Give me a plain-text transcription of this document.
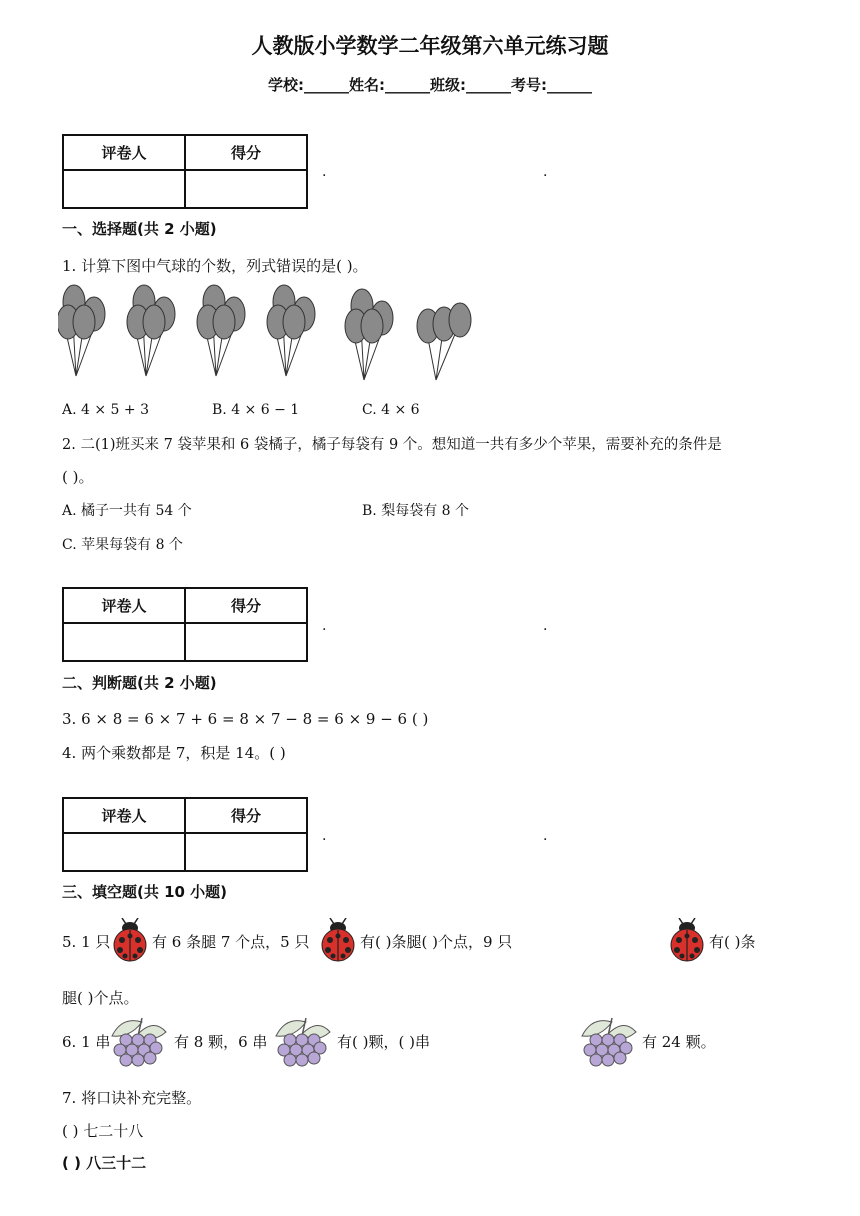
人教版小学数学二年级第六单元练习题
学校:______姓名:______班级:______考号:______
评卷人	得分

.	.
一、选择题(共 2 小题)
1. 计算下图中气球的个数，列式错误的是( )。
A. 4 × 5 + 3	B. 4 × 6 − 1	C. 4 × 6
2. 二(1)班买来 7 袋苹果和 6 袋橘子，橘子每袋有 9 个。想知道一共有多少个苹果，需要补充的条件是
( )。
A. 橘子一共有 54 个	B. 梨每袋有 8 个
C. 苹果每袋有 8 个
评卷人	得分

.	.
二、判断题(共 2 小题)
3. 6 × 8 = 6 × 7 + 6 = 8 × 7 − 8 = 6 × 9 − 6 ( )
4. 两个乘数都是 7，积是 14。( )
评卷人	得分

.	.
三、填空题(共 10 小题)
5. 1 只	有 6 条腿 7 个点，5 只	有( )条腿( )个点，9 只	有( )条
腿( )个点。
6. 1 串	有 8 颗，6 串	有( )颗，( )串	有 24 颗。
7. 将口诀补充完整。
( ) 七二十八
( ) 八三十二
